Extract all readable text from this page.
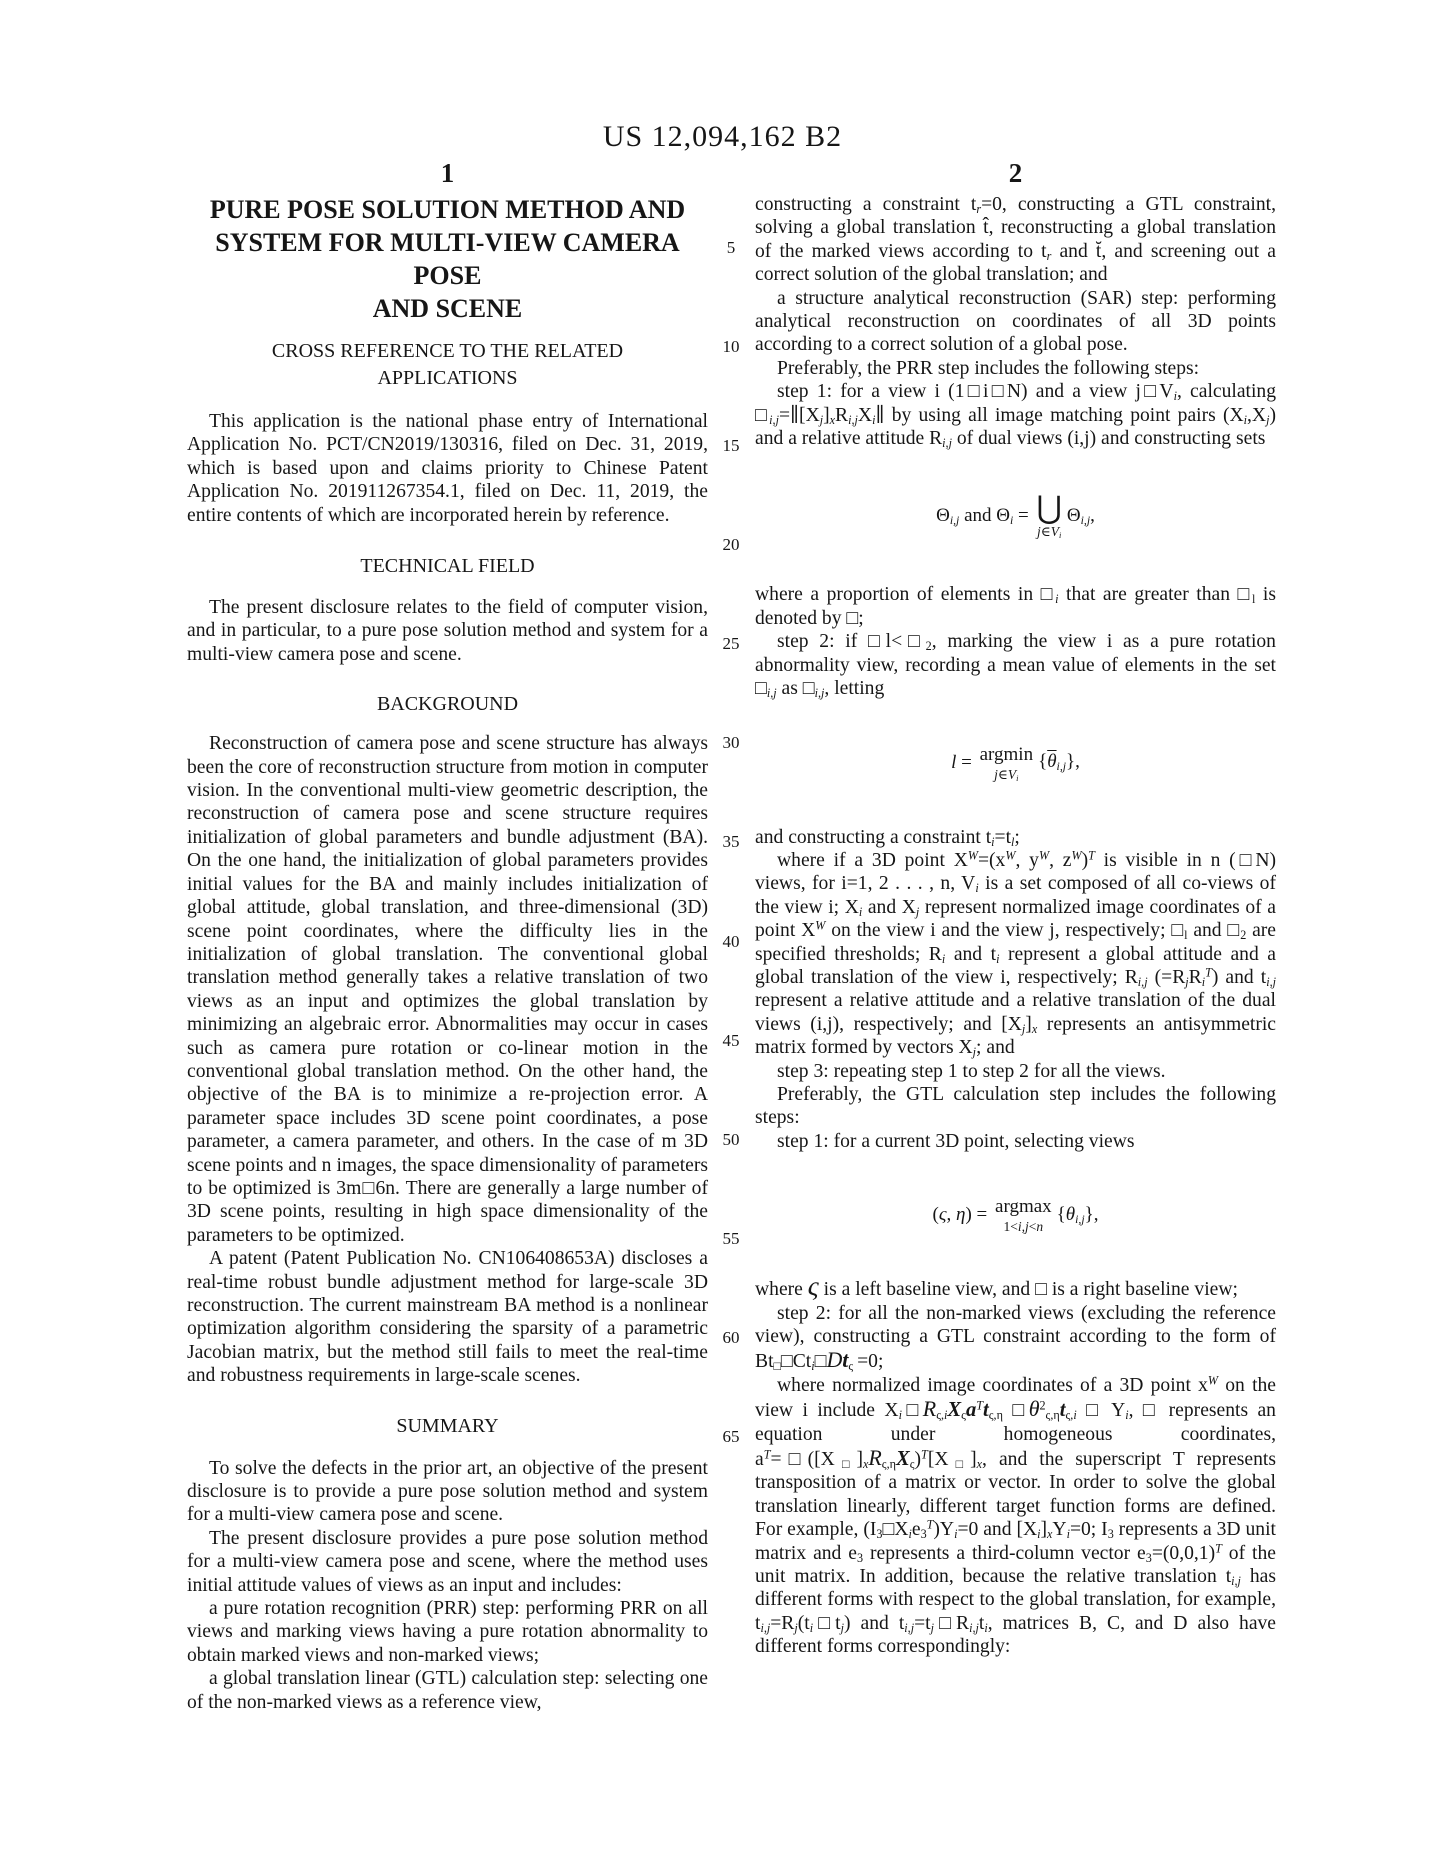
US 12,094,162 B2
1	2
5
10
15
20
25
30
35
40
45
50
55
60
65
PURE POSE SOLUTION METHOD AND
SYSTEM FOR MULTI-VIEW CAMERA POSE
AND SCENE
CROSS REFERENCE TO THE RELATED
APPLICATIONS

This application is the national phase entry of International Application No. PCT/CN2019/130316, filed on Dec. 31, 2019, which is based upon and claims priority to Chinese Patent Application No. 201911267354.1, filed on Dec. 11, 2019, the entire contents of which are incorporated herein by reference.

TECHNICAL FIELD

The present disclosure relates to the field of computer vision, and in particular, to a pure pose solution method and system for a multi-view camera pose and scene.

BACKGROUND

Reconstruction of camera pose and scene structure has always been the core of reconstruction structure from motion in computer vision. In the conventional multi-view geometric description, the reconstruction of camera pose and scene structure requires initialization of global parameters and bundle adjustment (BA). On the one hand, the initialization of global parameters provides initial values for the BA and mainly includes initialization of global attitude, global translation, and three-dimensional (3D) scene point coordinates, where the difficulty lies in the initialization of global translation. The conventional global translation method generally takes a relative translation of two views as an input and optimizes the global translation by minimizing an algebraic error. Abnormalities may occur in cases such as camera pure rotation or co-linear motion in the conventional global translation method. On the other hand, the objective of the BA is to minimize a re-projection error. A parameter space includes 3D scene point coordinates, a pose parameter, a camera parameter, and others. In the case of m 3D scene points and n images, the space dimensionality of parameters to be optimized is 3m□6n. There are generally a large number of 3D scene points, resulting in high space dimensionality of the parameters to be optimized.

A patent (Patent Publication No. CN106408653A) discloses a real-time robust bundle adjustment method for large-scale 3D reconstruction. The current mainstream BA method is a nonlinear optimization algorithm considering the sparsity of a parametric Jacobian matrix, but the method still fails to meet the real-time and robustness requirements in large-scale scenes.

SUMMARY

To solve the defects in the prior art, an objective of the present disclosure is to provide a pure pose solution method and system for a multi-view camera pose and scene.

The present disclosure provides a pure pose solution method for a multi-view camera pose and scene, where the method uses initial attitude values of views as an input and includes:

a pure rotation recognition (PRR) step: performing PRR on all views and marking views having a pure rotation abnormality to obtain marked views and non-marked views;

a global translation linear (GTL) calculation step: selecting one of the non-marked views as a reference view,

constructing a constraint $t_r=0$, constructing a GTL constraint, solving a global translation t̂, reconstructing a global translation of the marked views according to $t_r$ and t̆, and screening out a correct solution of the global translation; and

a structure analytical reconstruction (SAR) step: performing analytical reconstruction on coordinates of all 3D points according to a correct solution of a global pose.

Preferably, the PRR step includes the following steps:

step 1: for a view i (1□i□N) and a view $j□V_i$, calculating $□_{i,j}=\parallel[X_j]_xR_{i,j}X_i\parallel$ by using all image matching point pairs $(X_i,X_j)$ and a relative attitude $R_{i,j}$ of dual views (i,j) and constructing sets

$\Theta_{i,j}$ and $\Theta_i$ = ⋃
$j\in V_i$
$\Theta_{i,j}$,

where a proportion of elements in $□_i$ that are greater than $□_l$ is denoted by □;

step 2: if $□l<□_2$, marking the view i as a pure rotation abnormality view, recording a mean value of elements in the set $□_{i,j}$ as $□_{i,j}$, letting

l = argmin
$j\in V_i$
$\{\overline{\theta}_{i,j}\}$,

and constructing a constraint $t_i=t_l$;

where if a 3D point $X^W=(x^W$, $y^W$, $z^W)^T$ is visible in n (□N) views, for i=1, 2 . . . , n, $V_i$ is a set composed of all co-views of the view i; $X_i$ and $X_j$ represent normalized image coordinates of a point $X^W$ on the view i and the view j, respectively; $□_l$ and $□_2$ are specified thresholds; $R_i$ and $t_i$ represent a global attitude and a global translation of the view i, respectively; $R_{i,j}$ $(=R_jR_i^T)$ and $t_{i,j}$ represent a relative attitude and a relative translation of the dual views (i,j), respectively; and $[X_j]_x$ represents an antisymmetric matrix formed by vectors $X_j$; and

step 3: repeating step 1 to step 2 for all the views.

Preferably, the GTL calculation step includes the following steps:

step 1: for a current 3D point, selecting views

(ς, η) = argmax
1<i,j<n
$\{\theta_{i,j}\}$,

where ς is a left baseline view, and □ is a right baseline view;

step 2: for all the non-marked views (excluding the reference view), constructing a GTL constraint according to the form of $Bt_□□Ct_i□Dt_\varsigma =0$;

where normalized image coordinates of a 3D point $x^W$ on the view i include $X_i□R_{\varsigma,i}X_\varsigma a^Tt_{\varsigma,\eta}$ $□\theta^2_{\varsigma,\eta}t_{\varsigma,i}$ □ $Y_i$, □ represents an equation under homogeneous coordinates, $a^T=□([X_□]_xR_{\varsigma,\eta}X_\varsigma)^T[X_□]_x$, and the superscript T represents transposition of a matrix or vector. In order to solve the global translation linearly, different target function forms are defined. For example, $(I_3□X_ie_3^T)Y_i=0$ and $[X_i]_xY_i=0$; $I_3$ represents a 3D unit matrix and $e_3$ represents a third-column vector $e_3=(0,0,1)^T$ of the unit matrix. In addition, because the relative translation $t_{i,j}$ has different forms with respect to the global translation, for example, $t_{i,j}=R_j(t_i□t_j)$ and $t_{i,j}=t_j□R_{i,j}t_i$, matrices B, C, and D also have different forms correspondingly:
